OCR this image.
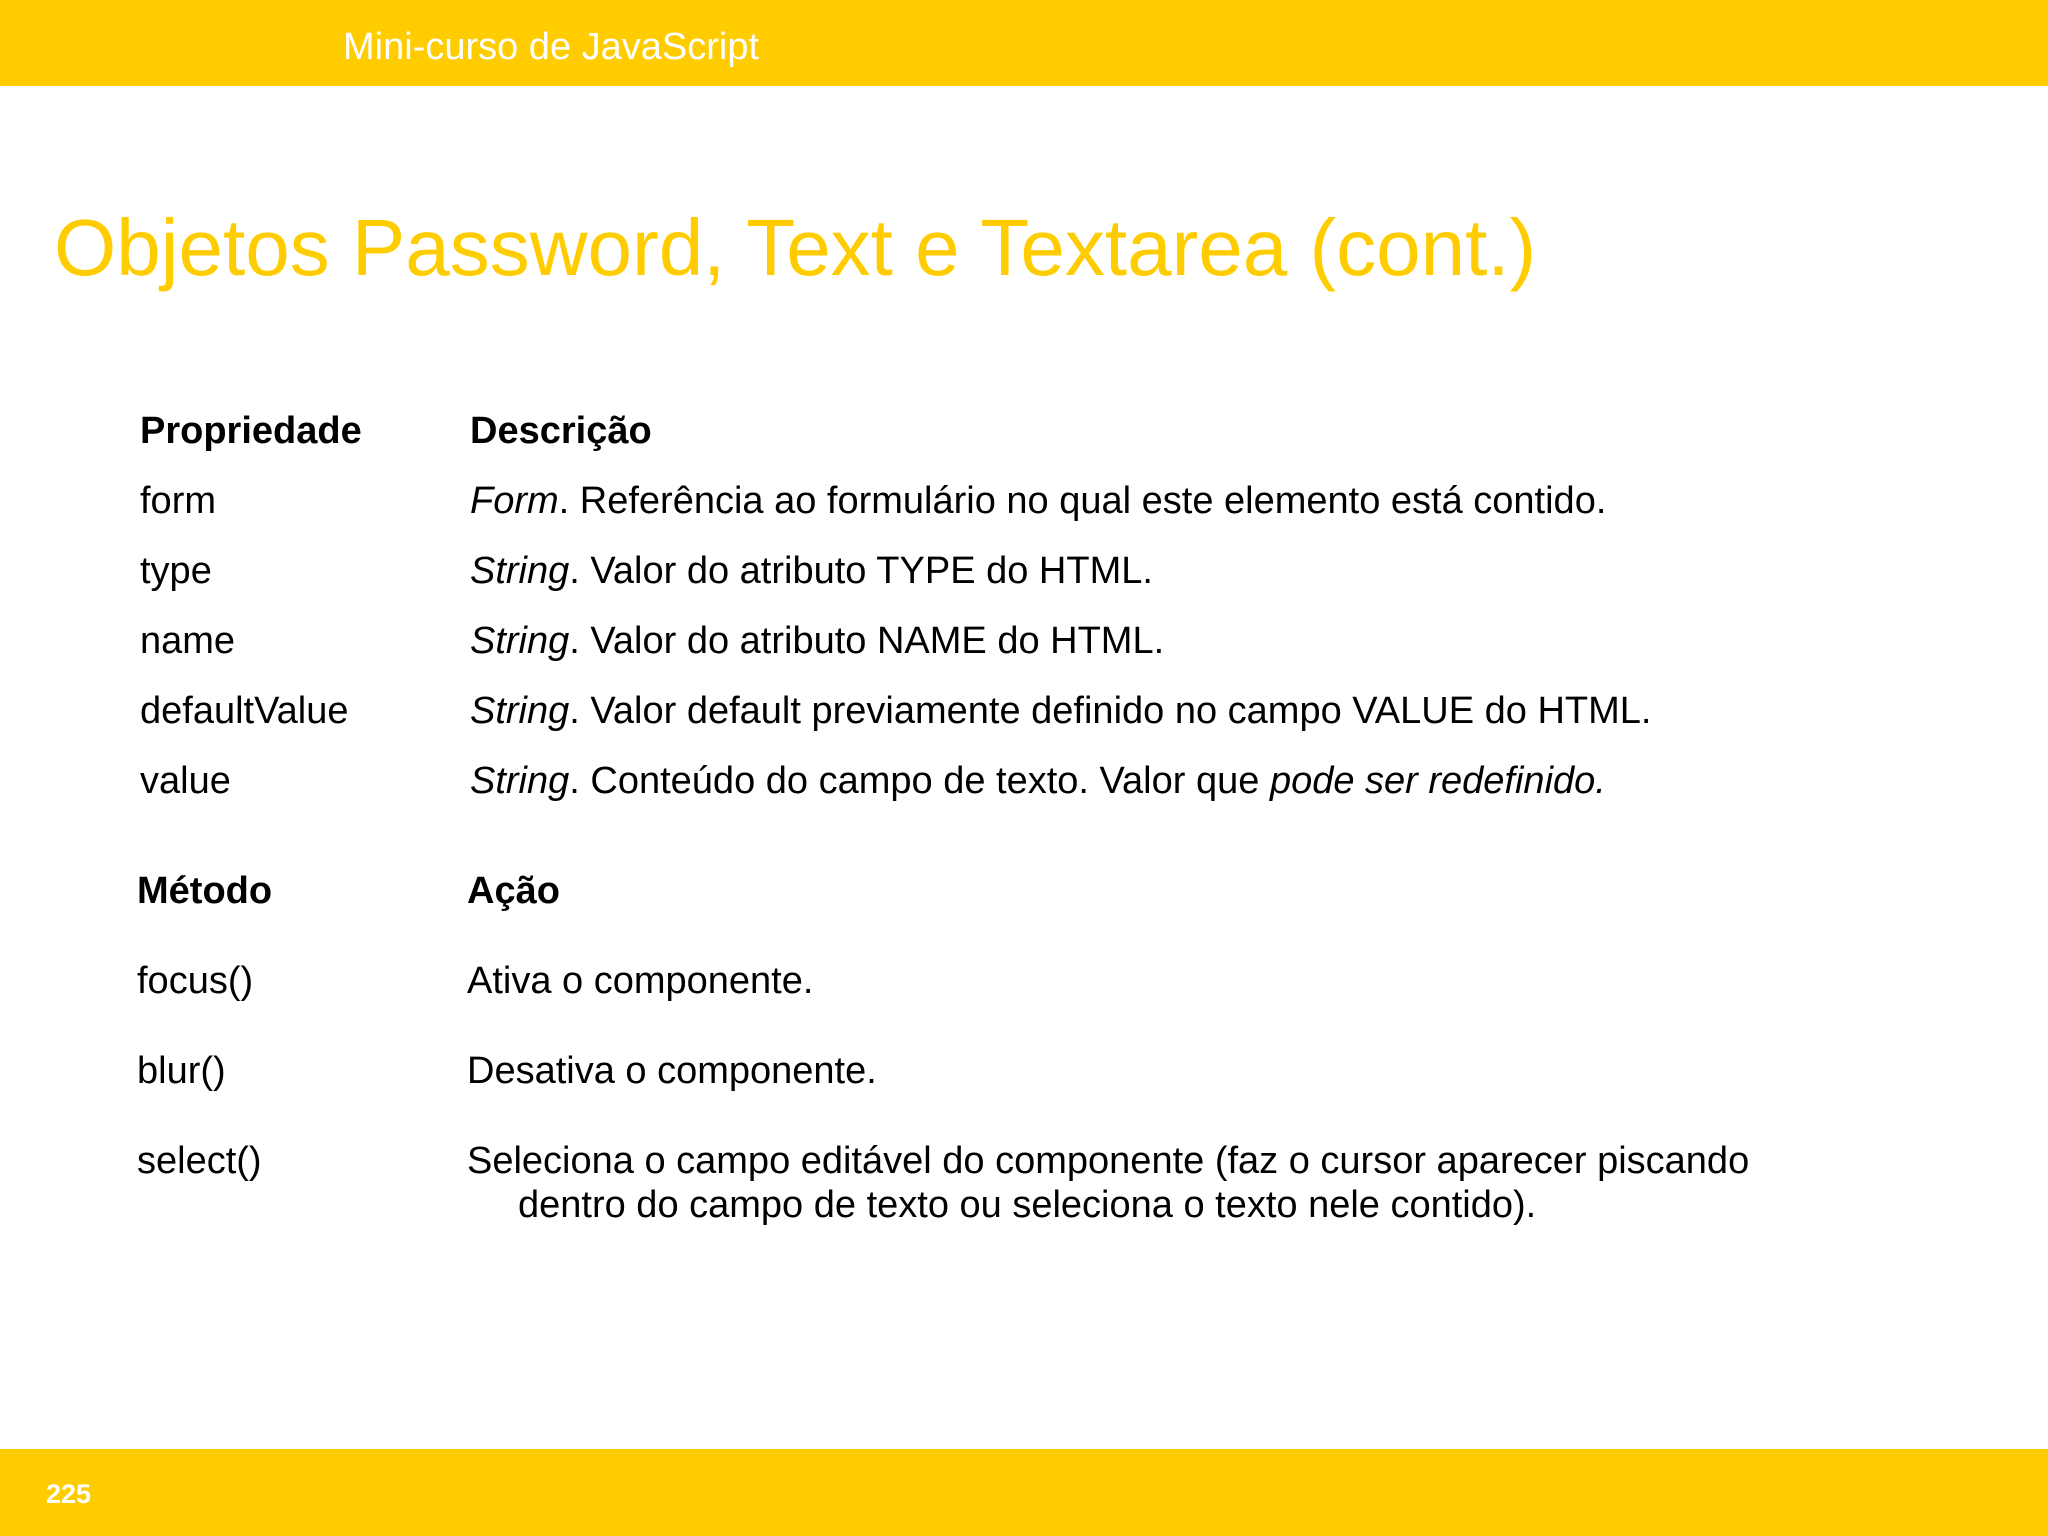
Mini-curso de JavaScript
Objetos Password, Text e Textarea (cont.)
Propriedade	Descrição
form	Form. Referência ao formulário no qual este elemento está contido.
type	String. Valor do atributo TYPE do HTML.
name	String. Valor do atributo NAME do HTML.
defaultValue	String. Valor default previamente definido no campo VALUE do HTML.
value	String. Conteúdo do campo de texto. Valor que pode ser redefinido.
Método	Ação
focus()	Ativa o componente.
blur()	Desativa o componente.
select()	Seleciona o campo editável do componente (faz o cursor aparecer piscando
dentro do campo de texto ou seleciona o texto nele contido).
225
